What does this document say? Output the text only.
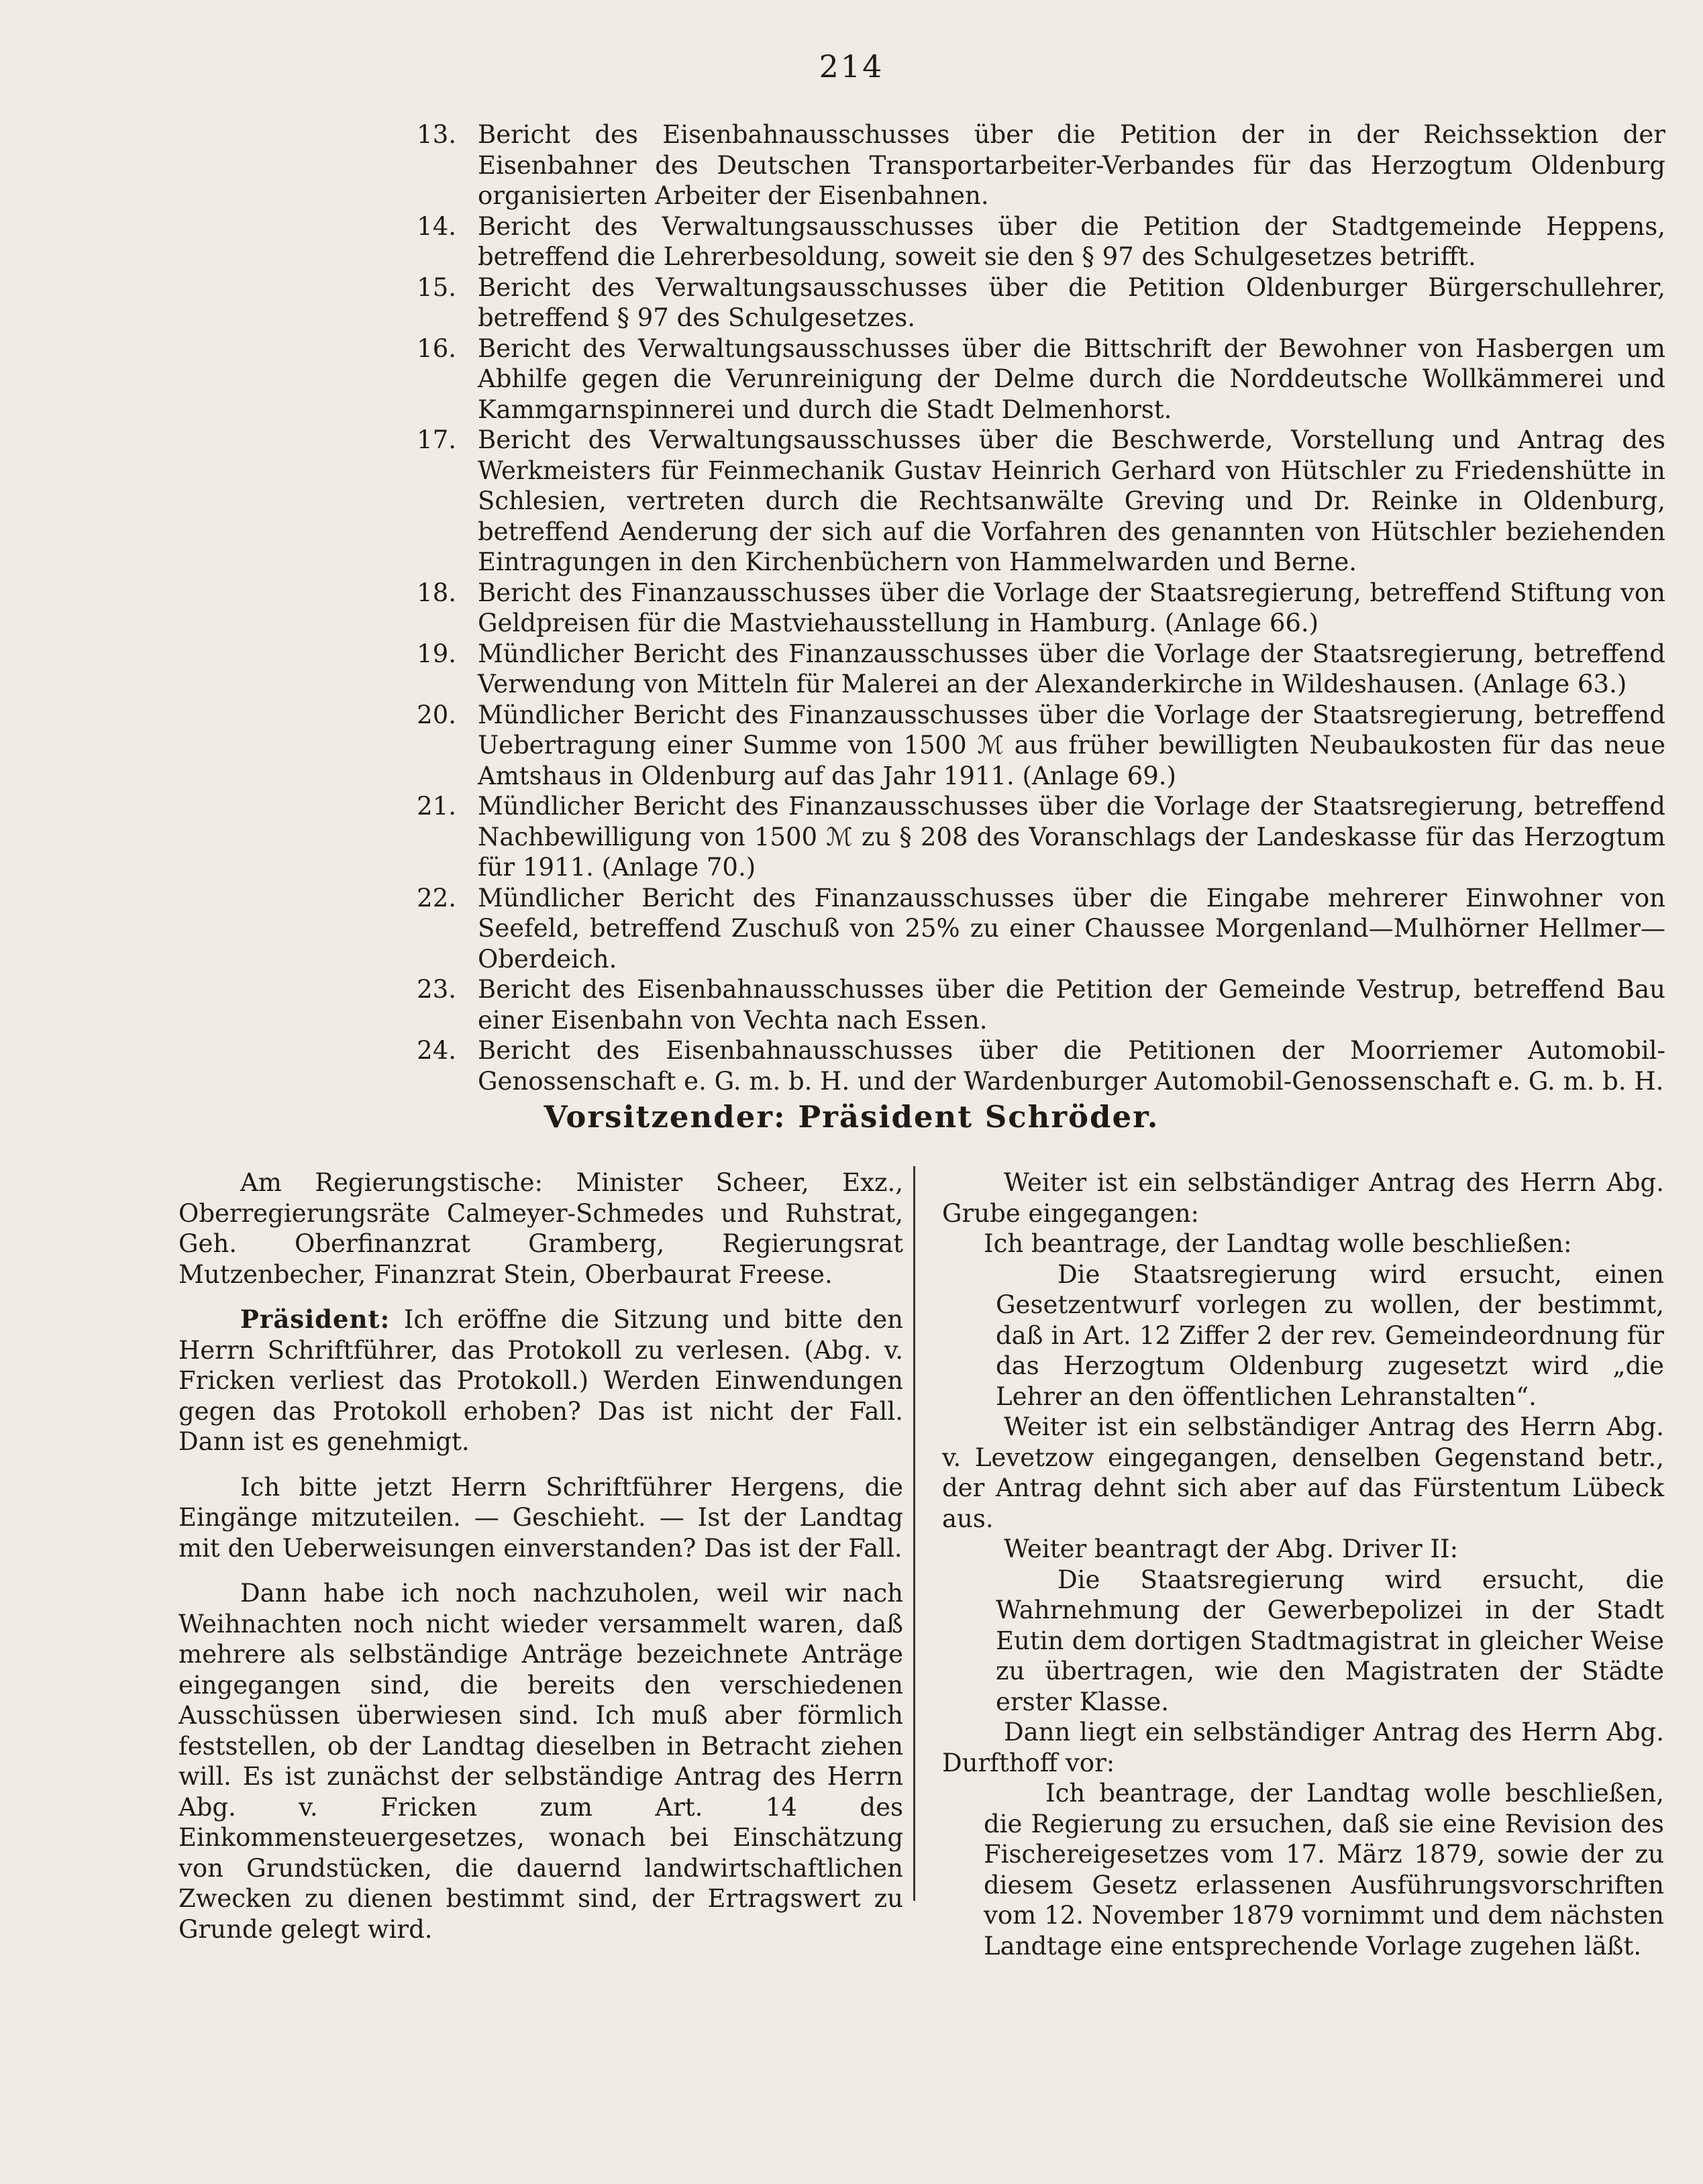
214
13. Bericht des Eisenbahnausschusses über die Petition der in der Reichssektion der Eisenbahner des Deutschen Transportarbeiter-Verbandes für das Herzogtum Oldenburg organisierten Arbeiter der Eisenbahnen.
14. Bericht des Verwaltungsausschusses über die Petition der Stadtgemeinde Heppens, betreffend die Lehrerbesoldung, soweit sie den § 97 des Schulgesetzes betrifft.
15. Bericht des Verwaltungsausschusses über die Petition Oldenburger Bürgerschullehrer, betreffend § 97 des Schulgesetzes.
16. Bericht des Verwaltungsausschusses über die Bittschrift der Bewohner von Hasbergen um Abhilfe gegen die Verunreinigung der Delme durch die Norddeutsche Wollkämmerei und Kammgarnspinnerei und durch die Stadt Delmenhorst.
17. Bericht des Verwaltungsausschusses über die Beschwerde, Vorstellung und Antrag des Werkmeisters für Feinmechanik Gustav Heinrich Gerhard von Hütschler zu Friedenshütte in Schlesien, vertreten durch die Rechtsanwälte Greving und Dr. Reinke in Oldenburg, betreffend Aenderung der sich auf die Vorfahren des genannten von Hütschler beziehenden Eintragungen in den Kirchenbüchern von Hammelwarden und Berne.
18. Bericht des Finanzausschusses über die Vorlage der Staatsregierung, betreffend Stiftung von Geldpreisen für die Mastviehausstellung in Hamburg. (Anlage 66.)
19. Mündlicher Bericht des Finanzausschusses über die Vorlage der Staatsregierung, betreffend Verwendung von Mitteln für Malerei an der Alexanderkirche in Wildeshausen. (Anlage 63.)
20. Mündlicher Bericht des Finanzausschusses über die Vorlage der Staatsregierung, betreffend Uebertragung einer Summe von 1500 ℳ aus früher bewilligten Neubaukosten für das neue Amtshaus in Oldenburg auf das Jahr 1911. (Anlage 69.)
21. Mündlicher Bericht des Finanzausschusses über die Vorlage der Staatsregierung, betreffend Nachbewilligung von 1500 ℳ zu § 208 des Voranschlags der Landeskasse für das Herzogtum für 1911. (Anlage 70.)
22. Mündlicher Bericht des Finanzausschusses über die Eingabe mehrerer Einwohner von Seefeld, betreffend Zuschuß von 25% zu einer Chaussee Morgenland—Mulhörner Hellmer—Oberdeich.
23. Bericht des Eisenbahnausschusses über die Petition der Gemeinde Vestrup, betreffend Bau einer Eisenbahn von Vechta nach Essen.
24. Bericht des Eisenbahnausschusses über die Petitionen der Moorriemer Automobil-Genossenschaft e. G. m. b. H. und der Wardenburger Automobil-Genossenschaft e. G. m. b. H.
Vorsitzender: Präsident Schröder.

Am Regierungstische: Minister Scheer, Exz., Oberregierungsräte Calmeyer-Schmedes und Ruhstrat, Geh. Oberfinanzrat Gramberg, Regierungsrat Mutzenbecher, Finanzrat Stein, Oberbaurat Freese.

Präsident: Ich eröffne die Sitzung und bitte den Herrn Schriftführer, das Protokoll zu verlesen. (Abg. v. Fricken verliest das Protokoll.) Werden Einwendungen gegen das Protokoll erhoben? Das ist nicht der Fall. Dann ist es genehmigt.

Ich bitte jetzt Herrn Schriftführer Hergens, die Eingänge mitzuteilen. — Geschieht. — Ist der Landtag mit den Ueberweisungen einverstanden? Das ist der Fall.

Dann habe ich noch nachzuholen, weil wir nach Weihnachten noch nicht wieder versammelt waren, daß mehrere als selbständige Anträge bezeichnete Anträge eingegangen sind, die bereits den verschiedenen Ausschüssen überwiesen sind. Ich muß aber förmlich feststellen, ob der Landtag dieselben in Betracht ziehen will. Es ist zunächst der selbständige Antrag des Herrn Abg. v. Fricken zum Art. 14 des Einkommensteuergesetzes, wonach bei Einschätzung von Grundstücken, die dauernd landwirtschaftlichen Zwecken zu dienen bestimmt sind, der Ertragswert zu Grunde gelegt wird.

Weiter ist ein selbständiger Antrag des Herrn Abg. Grube eingegangen:

Ich beantrage, der Landtag wolle beschließen:

Die Staatsregierung wird ersucht, einen Gesetzentwurf vorlegen zu wollen, der bestimmt, daß in Art. 12 Ziffer 2 der rev. Gemeindeordnung für das Herzogtum Oldenburg zugesetzt wird „die Lehrer an den öffentlichen Lehranstalten“.

Weiter ist ein selbständiger Antrag des Herrn Abg. v. Levetzow eingegangen, denselben Gegenstand betr., der Antrag dehnt sich aber auf das Fürstentum Lübeck aus.

Weiter beantragt der Abg. Driver II:

Die Staatsregierung wird ersucht, die Wahrnehmung der Gewerbepolizei in der Stadt Eutin dem dortigen Stadtmagistrat in gleicher Weise zu übertragen, wie den Magistraten der Städte erster Klasse.

Dann liegt ein selbständiger Antrag des Herrn Abg. Durfthoff vor:

Ich beantrage, der Landtag wolle beschließen, die Regierung zu ersuchen, daß sie eine Revision des Fischereigesetzes vom 17. März 1879, sowie der zu diesem Gesetz erlassenen Ausführungsvorschriften vom 12. November 1879 vornimmt und dem nächsten Landtage eine entsprechende Vorlage zugehen läßt.
